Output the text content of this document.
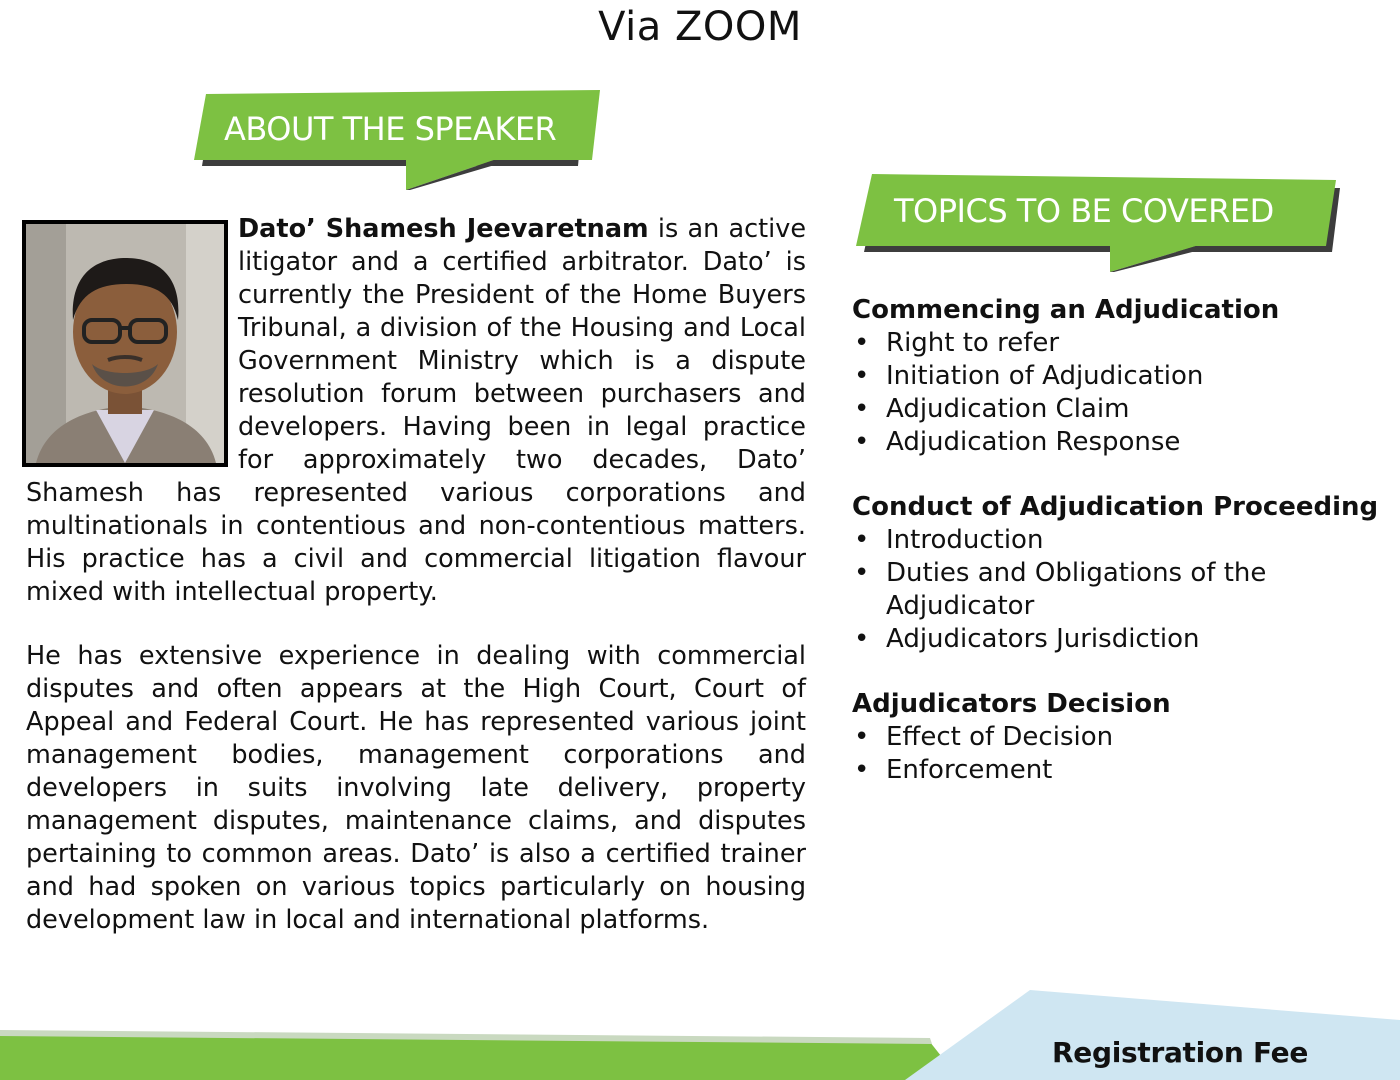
Via ZOOM
ABOUT THE SPEAKER
TOPICS TO BE COVERED

Dato’ Shamesh Jeevaretnam is an active litigator and a certified arbitrator. Dato’ is currently the President of the Home Buyers Tribunal, a division of the Housing and Local Government Ministry which is a dispute resolution forum between purchasers and developers. Having been in legal practice for approximately two decades, Dato’ Shamesh has represented various corporations and multinationals in contentious and non-contentious matters. His practice has a civil and commercial litigation flavour mixed with intellectual property.

He has extensive experience in dealing with commercial disputes and often appears at the High Court, Court of Appeal and Federal Court. He has represented various joint management bodies, management corporations and developers in suits involving late delivery, property management disputes, maintenance claims, and disputes pertaining to common areas. Dato’ is also a certified trainer and had spoken on various topics particularly on housing development law in local and international platforms.

Commencing an Adjudication
• Right to refer
• Initiation of Adjudication
• Adjudication Claim
• Adjudication Response
Conduct of Adjudication Proceeding
• Introduction
• Duties and Obligations of the Adjudicator
• Adjudicators Jurisdiction
Adjudicators Decision
• Effect of Decision
• Enforcement
Registration Fee
